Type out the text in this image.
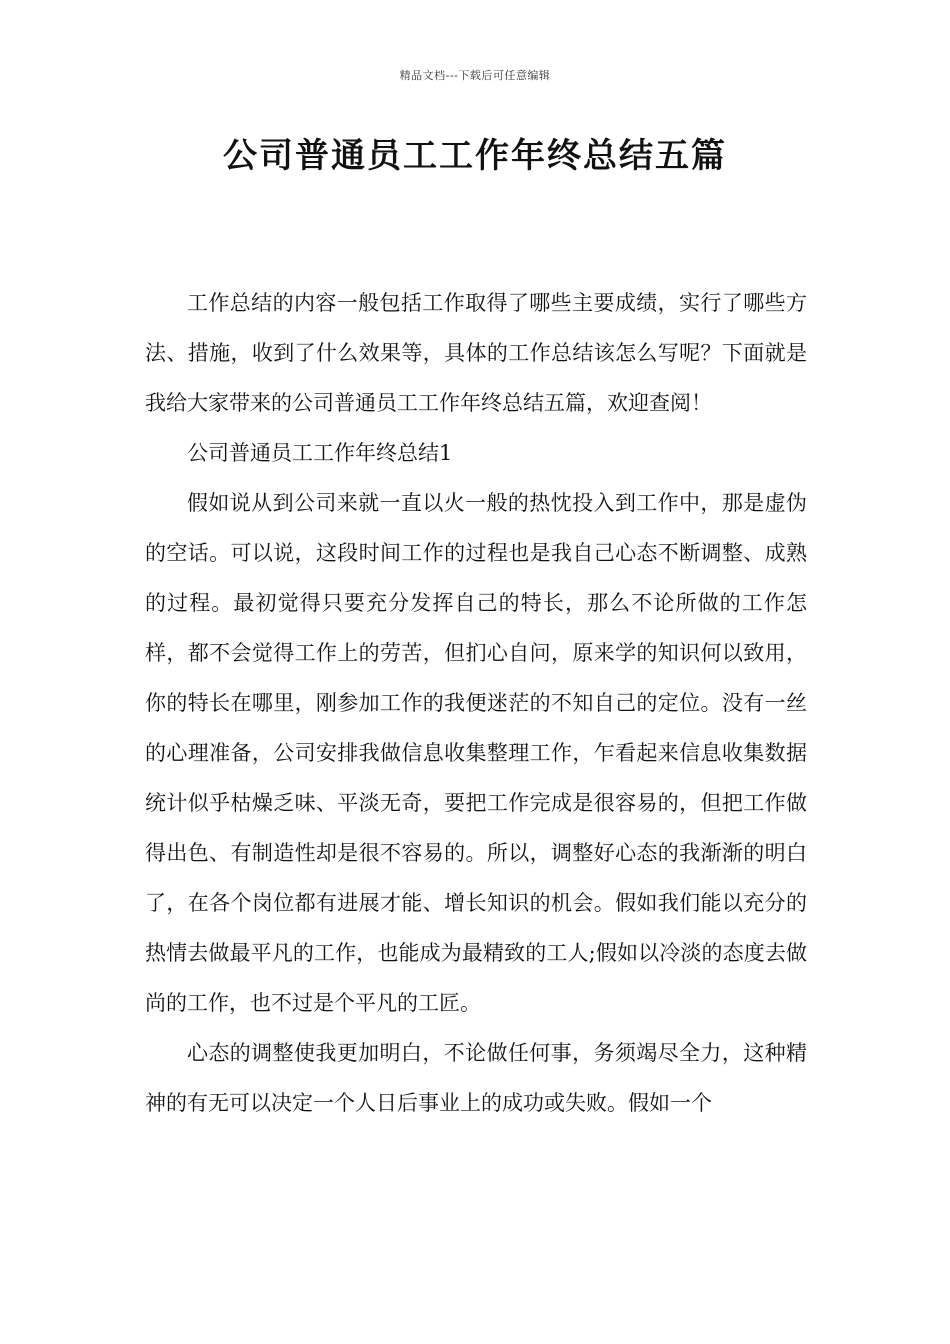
精品文档---下载后可任意编辑
公司普通员工工作年终总结五篇

工作总结的内容一般包括工作取得了哪些主要成绩，实行了哪些方法、措施，收到了什么效果等，具体的工作总结该怎么写呢？下面就是我给大家带来的公司普通员工工作年终总结五篇，欢迎查阅！

公司普通员工工作年终总结1

假如说从到公司来就一直以火一般的热忱投入到工作中，那是虚伪的空话。可以说，这段时间工作的过程也是我自己心态不断调整、成熟的过程。最初觉得只要充分发挥自己的特长，那么不论所做的工作怎样，都不会觉得工作上的劳苦，但扪心自问，原来学的知识何以致用，你的特长在哪里，刚参加工作的我便迷茫的不知自己的定位。没有一丝的心理准备，公司安排我做信息收集整理工作，乍看起来信息收集数据统计似乎枯燥乏味、平淡无奇，要把工作完成是很容易的，但把工作做得出色、有制造性却是很不容易的。所以，调整好心态的我渐渐的明白了，在各个岗位都有进展才能、增长知识的机会。假如我们能以充分的热情去做最平凡的工作，也能成为最精致的工人;假如以冷淡的态度去做尚的工作，也不过是个平凡的工匠。

心态的调整使我更加明白，不论做任何事，务须竭尽全力，这种精神的有无可以决定一个人日后事业上的成功或失败。假如一个
